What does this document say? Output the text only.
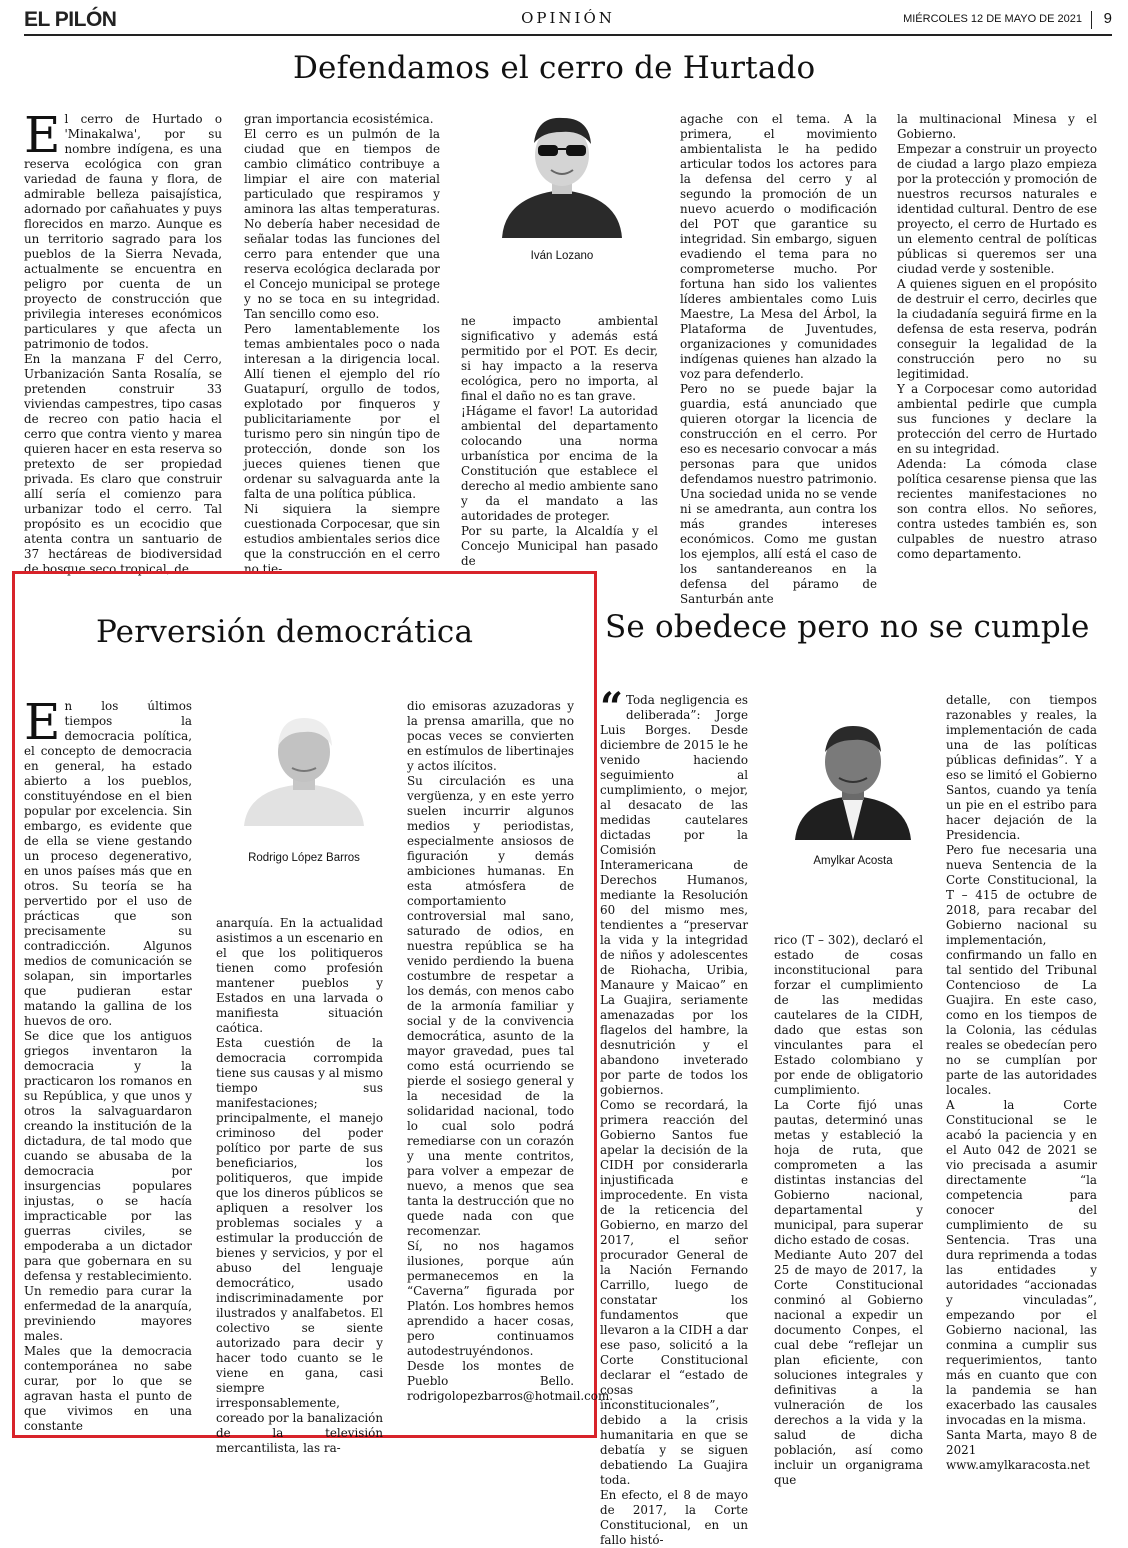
EL PILÓN	OPINIÓN	MIÉRCOLES 12 DE MAYO DE 2021 9
Defendamos el cerro de Hurtado
E l cerro de Hurtado o 'Minakalwa', por su nombre indígena, es una reserva ecológica con gran variedad de fauna y flora, de admirable belleza paisajística, adornado por cañahuates y puys florecidos en marzo. Aunque es un territorio sagrado para los pueblos de la Sierra Nevada, actualmente se encuentra en peligro por cuenta de un proyecto de construcción que privilegia intereses económicos particulares y que afecta un patrimonio de todos.

En la manzana F del Cerro, Urbanización Santa Rosalía, se pretenden construir 33 viviendas campestres, tipo casas de recreo con patio hacia el cerro que contra viento y marea quieren hacer en esta reserva so pretexto de ser propiedad privada. Es claro que construir allí sería el comienzo para urbanizar todo el cerro. Tal propósito es un ecocidio que atenta contra un santuario de 37 hectáreas de biodiversidad de bosque seco tropical, de

gran importancia ecosistémica.

El cerro es un pulmón de la ciudad que en tiempos de cambio climático contribuye a limpiar el aire con material particulado que respiramos y aminora las altas temperaturas. No debería haber necesidad de señalar todas las funciones del cerro para entender que una reserva ecológica declarada por el Concejo municipal se protege y no se toca en su integridad. Tan sencillo como eso.

Pero lamentablemente los temas ambientales poco o nada interesan a la dirigencia local. Allí tienen el ejemplo del río Guatapurí, orgullo de todos, explotado por finqueros y publicitariamente por el turismo pero sin ningún tipo de protección, donde son los jueces quienes tienen que ordenar su salvaguarda ante la falta de una política pública.

Ni siquiera la siempre cuestionada Corpocesar, que sin estudios ambientales serios dice que la construcción en el cerro no tie-

Iván Lozano

ne impacto ambiental significativo y además está permitido por el POT. Es decir, si hay impacto a la reserva ecológica, pero no importa, al final el daño no es tan grave.

¡Hágame el favor! La autoridad ambiental del departamento colocando una norma urbanística por encima de la Constitución que establece el derecho al medio ambiente sano y da el mandato a las autoridades de proteger.

Por su parte, la Alcaldía y el Concejo Municipal han pasado de

agache con el tema. A la primera, el movimiento ambientalista le ha pedido articular todos los actores para la defensa del cerro y al segundo la promoción de un nuevo acuerdo o modificación del POT que garantice su integridad. Sin embargo, siguen evadiendo el tema para no comprometerse mucho. Por fortuna han sido los valientes líderes ambientales como Luis Maestre, La Mesa del Árbol, la Plataforma de Juventudes, organizaciones y comunidades indígenas quienes han alzado la voz para defenderlo.

Pero no se puede bajar la guardia, está anunciado que quieren otorgar la licencia de construcción en el cerro. Por eso es necesario convocar a más personas para que unidos defendamos nuestro patrimonio. Una sociedad unida no se vende ni se amedranta, aun contra los más grandes intereses económicos. Como me gustan los ejemplos, allí está el caso de los santandereanos en la defensa del páramo de Santurbán ante

la multinacional Minesa y el Gobierno.

Empezar a construir un proyecto de ciudad a largo plazo empieza por la protección y promoción de nuestros recursos naturales e identidad cultural. Dentro de ese proyecto, el cerro de Hurtado es un elemento central de políticas públicas si queremos ser una ciudad verde y sostenible.

A quienes siguen en el propósito de destruir el cerro, decirles que la ciudadanía seguirá firme en la defensa de esta reserva, podrán conseguir la legalidad de la construcción pero no su legitimidad.

Y a Corpocesar como autoridad ambiental pedirle que cumpla sus funciones y declare la protección del cerro de Hurtado en su integridad.

Adenda: La cómoda clase política cesarense piensa que las recientes manifestaciones no son contra ellos. No señores, contra ustedes también es, son culpables de nuestro atraso como departamento.

Perversión democrática
E n los últimos tiempos la democracia política, el concepto de democracia en general, ha estado abierto a los pueblos, constituyéndose en el bien popular por excelencia. Sin embargo, es evidente que de ella se viene gestando un proceso degenerativo, en unos países más que en otros. Su teoría se ha pervertido por el uso de prácticas que son precisamente su contradicción. Algunos medios de comunicación se solapan, sin importarles que pudieran estar matando la gallina de los huevos de oro.

Se dice que los antiguos griegos inventaron la democracia y la practicaron los romanos en su República, y que unos y otros la salvaguardaron creando la institución de la dictadura, de tal modo que cuando se abusaba de la democracia por insurgencias populares injustas, o se hacía impracticable por las guerras civiles, se empoderaba a un dictador para que gobernara en su defensa y restablecimiento. Un remedio para curar la enfermedad de la anarquía, previniendo mayores males.

Males que la democracia contemporánea no sabe curar, por lo que se agravan hasta el punto de que vivimos en una constante

Rodrigo López Barros

anarquía. En la actualidad asistimos a un escenario en el que los politiqueros tienen como profesión mantener pueblos y Estados en una larvada o manifiesta situación caótica.

Esta cuestión de la democracia corrompida tiene sus causas y al mismo tiempo sus manifestaciones; principalmente, el manejo criminoso del poder político por parte de sus beneficiarios, los politiqueros, que impide que los dineros públicos se apliquen a resolver los problemas sociales y a estimular la producción de bienes y servicios, y por el abuso del lenguaje democrático, usado indiscriminadamente por ilustrados y analfabetos. El colectivo se siente autorizado para decir y hacer todo cuanto se le viene en gana, casi siempre irresponsablemente, coreado por la banalización de la televisión mercantilista, las ra-

dio emisoras azuzadoras y la prensa amarilla, que no pocas veces se convierten en estímulos de libertinajes y actos ilícitos.

Su circulación es una vergüenza, y en este yerro suelen incurrir algunos medios y periodistas, especialmente ansiosos de figuración y demás ambiciones humanas. En esta atmósfera de comportamiento controversial mal sano, saturado de odios, en nuestra república se ha venido perdiendo la buena costumbre de respetar a los demás, con menos cabo de la armonía familiar y social y de la convivencia democrática, asunto de la mayor gravedad, pues tal como está ocurriendo se pierde el sosiego general y la necesidad de la solidaridad nacional, todo lo cual solo podrá remediarse con un corazón y una mente contritos, para volver a empezar de nuevo, a menos que sea tanta la destrucción que no quede nada con que recomenzar.

Sí, no nos hagamos ilusiones, porque aún permanecemos en la “Caverna” figurada por Platón. Los hombres hemos aprendido a hacer cosas, pero continuamos autodestruyéndonos.

Desde los montes de Pueblo Bello. rodrigolopezbarros@hotmail.com.

Se obedece pero no se cumple
“ Toda negligencia es deliberada”: Jorge Luis Borges. Desde diciembre de 2015 le he venido haciendo seguimiento al cumplimiento, o mejor, al desacato de las medidas cautelares dictadas por la Comisión Interamericana de Derechos Humanos, mediante la Resolución 60 del mismo mes, tendientes a “preservar la vida y la integridad de niños y adolescentes de Riohacha, Uribia, Manaure y Maicao” en La Guajira, seriamente amenazadas por los flagelos del hambre, la desnutrición y el abandono inveterado por parte de todos los gobiernos.

Como se recordará, la primera reacción del Gobierno Santos fue apelar la decisión de la CIDH por considerarla injustificada e improcedente. En vista de la reticencia del Gobierno, en marzo del 2017, el señor procurador General de la Nación Fernando Carrillo, luego de constatar los fundamentos que llevaron a la CIDH a dar ese paso, solicitó a la Corte Constitucional declarar el “estado de cosas inconstitucionales”, debido a la crisis humanitaria en que se debatía y se siguen debatiendo La Guajira toda.

En efecto, el 8 de mayo de 2017, la Corte Constitucional, en un fallo histó-

Amylkar Acosta

rico (T – 302), declaró el estado de cosas inconstitucional para forzar el cumplimiento de las medidas cautelares de la CIDH, dado que estas son vinculantes para el Estado colombiano y por ende de obligatorio cumplimiento.

La Corte fijó unas pautas, determinó unas metas y estableció la hoja de ruta, que comprometen a las distintas instancias del Gobierno nacional, departamental y municipal, para superar dicho estado de cosas.

Mediante Auto 207 del 25 de mayo de 2017, la Corte Constitucional conminó al Gobierno nacional a expedir un documento Conpes, el cual debe “reflejar un plan eficiente, con soluciones integrales y definitivas a la vulneración de los derechos a la vida y la salud de dicha población, así como incluir un organigrama que

detalle, con tiempos razonables y reales, la implementación de cada una de las políticas públicas definidas”. Y a eso se limitó el Gobierno Santos, cuando ya tenía un pie en el estribo para hacer dejación de la Presidencia.

Pero fue necesaria una nueva Sentencia de la Corte Constitucional, la T – 415 de octubre de 2018, para recabar del Gobierno nacional su implementación, confirmando un fallo en tal sentido del Tribunal Contencioso de La Guajira. En este caso, como en los tiempos de la Colonia, las cédulas reales se obedecían pero no se cumplían por parte de las autoridades locales.

A la Corte Constitucional se le acabó la paciencia y en el Auto 042 de 2021 se vio precisada a asumir directamente “la competencia para conocer del cumplimiento de su Sentencia. Tras una dura reprimenda a todas las entidades y autoridades “accionadas y vinculadas”, empezando por el Gobierno nacional, las conmina a cumplir sus requerimientos, tanto más en cuanto que con la pandemia se han exacerbado las causales invocadas en la misma.

Santa Marta, mayo 8 de 2021

www.amylkaracosta.net
